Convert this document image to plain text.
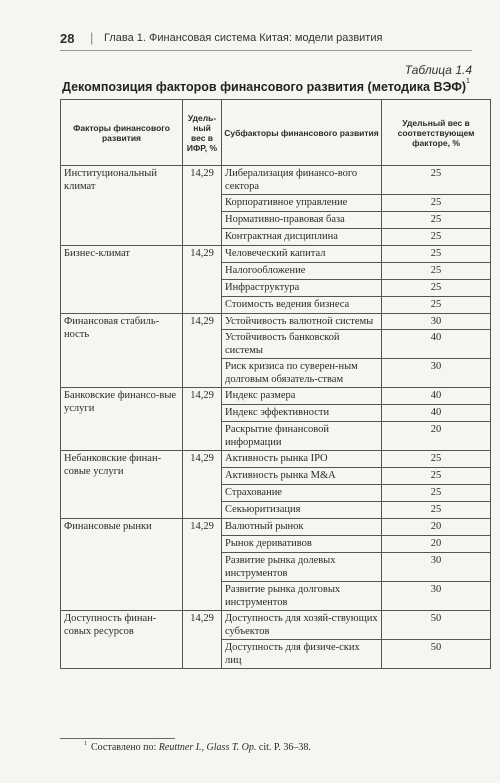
28 | Глава 1. Финансовая система Китая: модели развития
Таблица 1.4
Декомпозиция факторов финансового развития (методика ВЭФ)$^1$
Факторы финансового развития	Удель-ный вес в ИФР, %	Субфакторы финансового развития	Удельный вес в соответствующем факторе, %
Институциональный климат	14,29	Либерализация финансо-вого сектора	25
		Корпоративное управление	25
		Нормативно-правовая база	25
		Контрактная дисциплина	25
Бизнес-климат	14,29	Человеческий капитал	25
		Налогообложение	25
		Инфраструктура	25
		Стоимость ведения бизнеса	25
Финансовая стабиль-ность	14,29	Устойчивость валютной системы	30
		Устойчивость банковской системы	40
		Риск кризиса по суверен-ным долговым обязатель-ствам	30
Банковские финансо-вые услуги	14,29	Индекс размера	40
		Индекс эффективности	40
		Раскрытие финансовой информации	20
Небанковские финан-совые услуги	14,29	Активность рынка IPO	25
		Активность рынка M&A	25
		Страхование	25
		Секьюритизация	25
Финансовые рынки	14,29	Валютный рынок	20
		Рынок деривативов	20
		Развитие рынка долевых инструментов	30
		Развитие рынка долговых инструментов	30
Доступность финан-совых ресурсов	14,29	Доступность для хозяй-ствующих субъектов	50
		Доступность для физиче-ских лиц	50
$^1$ Составлено по: Reuttner I., Glass T. Op. cit. P. 36–38.
